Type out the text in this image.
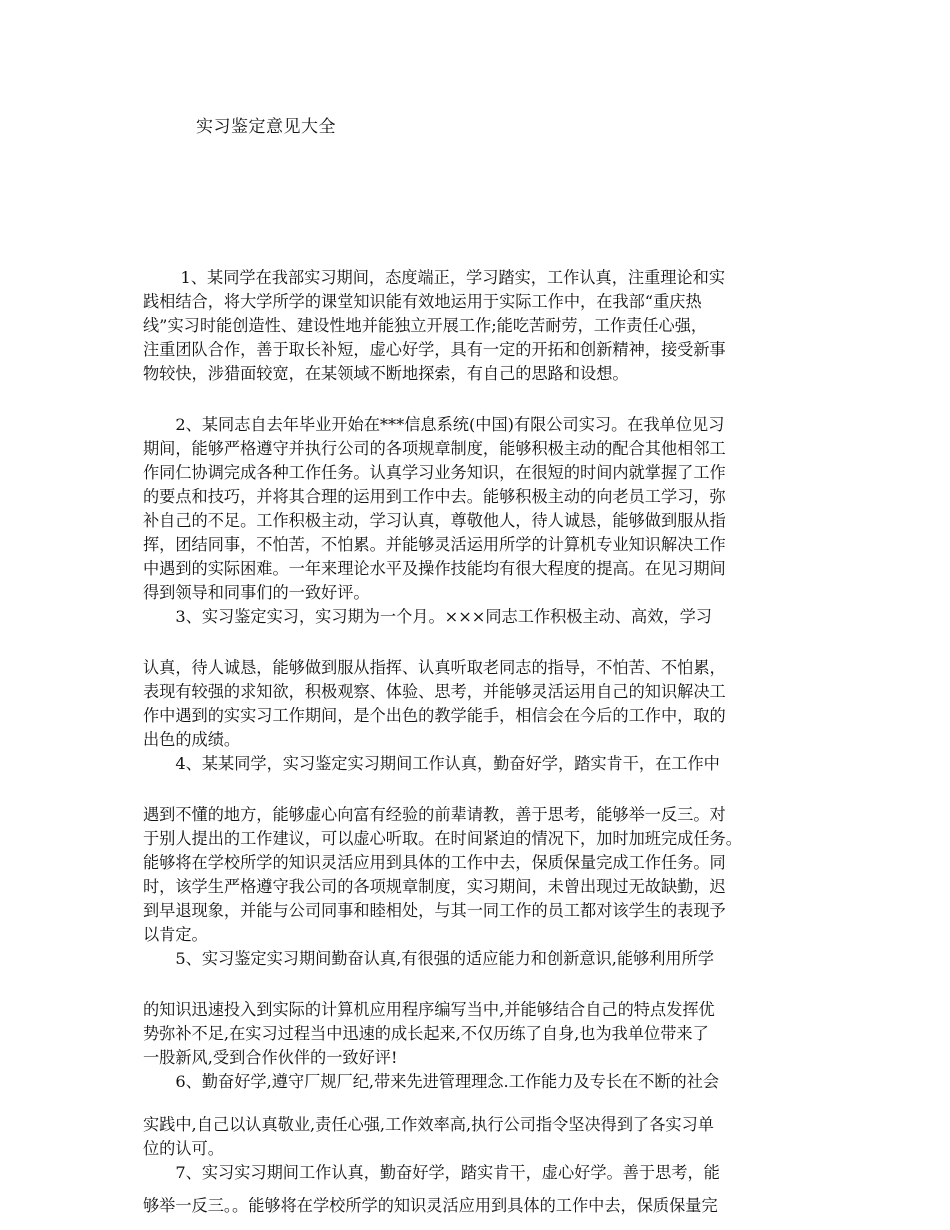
实习鉴定意见大全
　　 1、某同学在我部实习期间，态度端正，学习踏实，工作认真，注重理论和实
践相结合，将大学所学的课堂知识能有效地运用于实际工作中，在我部“重庆热
线”实习时能创造性、建设性地并能独立开展工作;能吃苦耐劳，工作责任心强，
注重团队合作，善于取长补短，虚心好学，具有一定的开拓和创新精神，接受新事
物较快，涉猎面较宽，在某领域不断地探索，有自己的思路和设想。
　　2、某同志自去年毕业开始在***信息系统(中国)有限公司实习。在我单位见习
期间，能够严格遵守并执行公司的各项规章制度，能够积极主动的配合其他相邻工
作同仁协调完成各种工作任务。认真学习业务知识，在很短的时间内就掌握了工作
的要点和技巧，并将其合理的运用到工作中去。能够积极主动的向老员工学习，弥
补自己的不足。工作积极主动，学习认真，尊敬他人，待人诚恳，能够做到服从指
挥，团结同事，不怕苦，不怕累。并能够灵活运用所学的计算机专业知识解决工作
中遇到的实际困难。一年来理论水平及操作技能均有很大程度的提高。在见习期间
得到领导和同事们的一致好评。
　　3、实习鉴定实习，实习期为一个月。×××同志工作积极主动、高效，学习
认真，待人诚恳，能够做到服从指挥、认真听取老同志的指导，不怕苦、不怕累，
表现有较强的求知欲，积极观察、体验、思考，并能够灵活运用自己的知识解决工
作中遇到的实实习工作期间，是个出色的教学能手，相信会在今后的工作中，取的
出色的成绩。
　　4、某某同学，实习鉴定实习期间工作认真，勤奋好学，踏实肯干，在工作中
遇到不懂的地方，能够虚心向富有经验的前辈请教，善于思考，能够举一反三。对
于别人提出的工作建议，可以虚心听取。在时间紧迫的情况下，加时加班完成任务。
能够将在学校所学的知识灵活应用到具体的工作中去，保质保量完成工作任务。同
时，该学生严格遵守我公司的各项规章制度，实习期间，未曾出现过无故缺勤，迟
到早退现象，并能与公司同事和睦相处，与其一同工作的员工都对该学生的表现予
以肯定。
　　5、实习鉴定实习期间勤奋认真,有很强的适应能力和创新意识,能够利用所学
的知识迅速投入到实际的计算机应用程序编写当中,并能够结合自己的特点发挥优
势弥补不足,在实习过程当中迅速的成长起来,不仅历练了自身,也为我单位带来了
一股新风,受到合作伙伴的一致好评!
　　6、勤奋好学,遵守厂规厂纪,带来先进管理理念.工作能力及专长在不断的社会
实践中,自己以认真敬业,责任心强,工作效率高,执行公司指令坚决得到了各实习单
位的认可。
　　7、实习实习期间工作认真，勤奋好学，踏实肯干，虚心好学。善于思考，能
够举一反三。。能够将在学校所学的知识灵活应用到具体的工作中去，保质保量完
